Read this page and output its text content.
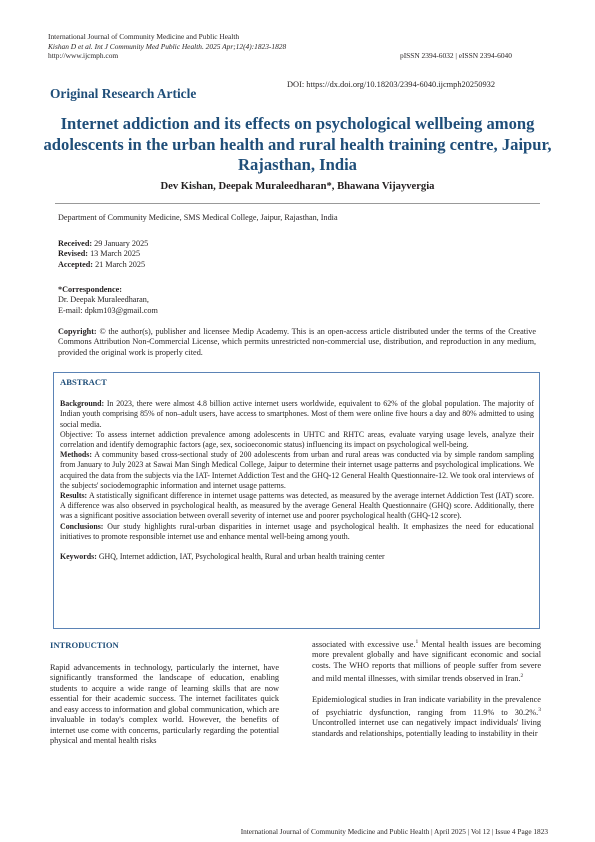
International Journal of Community Medicine and Public Health
Kishan D et al. Int J Community Med Public Health. 2025 Apr;12(4):1823-1828
http://www.ijcmph.com	pISSN 2394-6032 | eISSN 2394-6040
Original Research Article
DOI: https://dx.doi.org/10.18203/2394-6040.ijcmph20250932
Internet addiction and its effects on psychological wellbeing among adolescents in the urban health and rural health training centre, Jaipur, Rajasthan, India
Dev Kishan, Deepak Muraleedharan*, Bhawana Vijayvergia
Department of Community Medicine, SMS Medical College, Jaipur, Rajasthan, India
Received: 29 January 2025
Revised: 13 March 2025
Accepted: 21 March 2025
*Correspondence:
Dr. Deepak Muraleedharan,
E-mail: dpkm103@gmail.com
Copyright: © the author(s), publisher and licensee Medip Academy. This is an open-access article distributed under the terms of the Creative Commons Attribution Non-Commercial License, which permits unrestricted non-commercial use, distribution, and reproduction in any medium, provided the original work is properly cited.
ABSTRACT

Background: In 2023, there were almost 4.8 billion active internet users worldwide, equivalent to 62% of the global population. The majority of Indian youth comprising 85% of non–adult users, have access to smartphones. Most of them were online five hours a day and 80% admitted to using social media.

Objective: To assess internet addiction prevalence among adolescents in UHTC and RHTC areas, evaluate varying usage levels, analyze their correlation and identify demographic factors (age, sex, socioeconomic status) influencing its impact on psychological well-being.

Methods: A community based cross-sectional study of 200 adolescents from urban and rural areas was conducted via by simple random sampling from January to July 2023 at Sawai Man Singh Medical College, Jaipur to determine their internet usage patterns and psychological implications. We acquired the data from the subjects via the IAT- Internet Addiction Test and the GHQ-12 General Health Questionnaire-12. We took oral interviews of the subjects' sociodemographic information and internet usage patterns.

Results: A statistically significant difference in internet usage patterns was detected, as measured by the average internet Addiction Test (IAT) score. A difference was also observed in psychological health, as measured by the average General Health Questionnaire (GHQ) score. Additionally, there was a significant positive association between overall severity of internet use and poorer psychological health (GHQ-12 score).

Conclusions: Our study highlights rural-urban disparities in internet usage and psychological health. It emphasizes the need for educational initiatives to promote responsible internet use and enhance mental well-being among youth.

Keywords: GHQ, Internet addiction, IAT, Psychological health, Rural and urban health training center

INTRODUCTION

Rapid advancements in technology, particularly the internet, have significantly transformed the landscape of education, enabling students to acquire a wide range of learning skills that are now essential for their academic success. The internet facilitates quick and easy access to information and global communication, which are invaluable in today's complex world. However, the benefits of internet use come with concerns, particularly regarding the potential physical and mental health risks

associated with excessive use.$^1$ Mental health issues are becoming more prevalent globally and have significant economic and social costs. The WHO reports that millions of people suffer from severe and mild mental illnesses, with similar trends observed in Iran.$^2$

Epidemiological studies in Iran indicate variability in the prevalence of psychiatric dysfunction, ranging from 11.9% to 30.2%.$^3$ Uncontrolled internet use can negatively impact individuals' living standards and relationships, potentially leading to instability in their

International Journal of Community Medicine and Public Health | April 2025 | Vol 12 | Issue 4 Page 1823
